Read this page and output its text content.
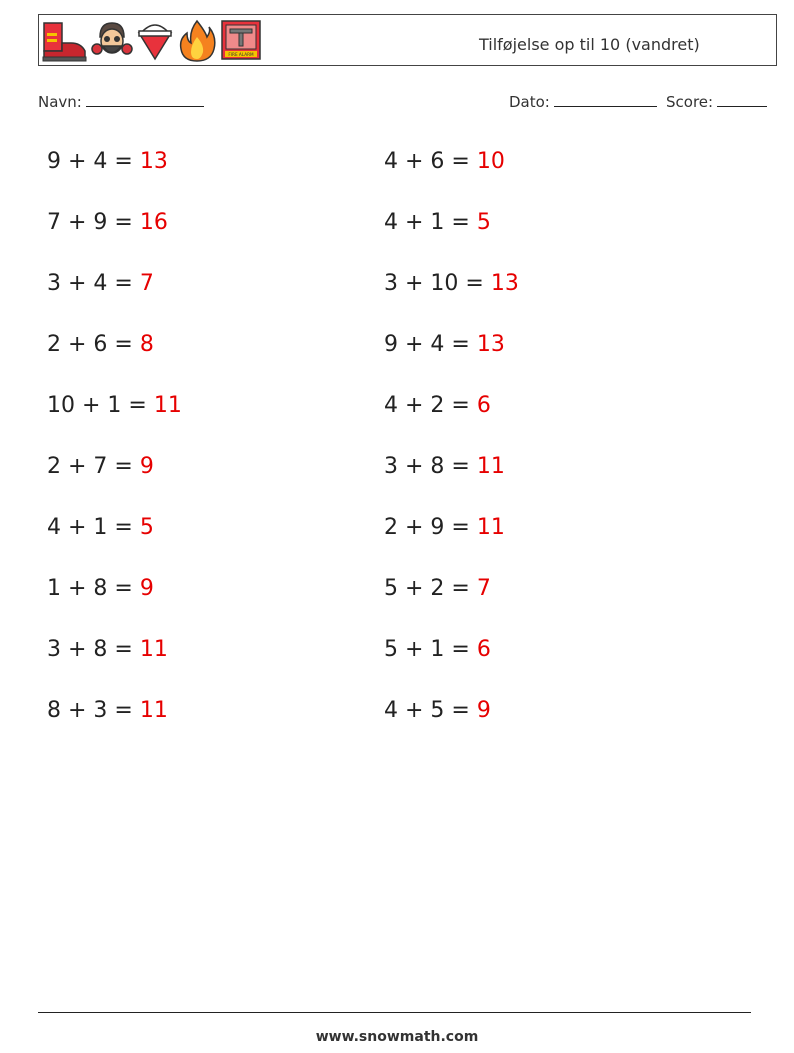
FIRE ALARM
Tilføjelse op til 10 (vandret)
Navn:	Dato:	Score:
9 + 4 = 13	4 + 6 = 10
7 + 9 = 16	4 + 1 = 5
3 + 4 = 7	3 + 10 = 13
2 + 6 = 8	9 + 4 = 13
10 + 1 = 11	4 + 2 = 6
2 + 7 = 9	3 + 8 = 11
4 + 1 = 5	2 + 9 = 11
1 + 8 = 9	5 + 2 = 7
3 + 8 = 11	5 + 1 = 6
8 + 3 = 11	4 + 5 = 9
www.snowmath.com
